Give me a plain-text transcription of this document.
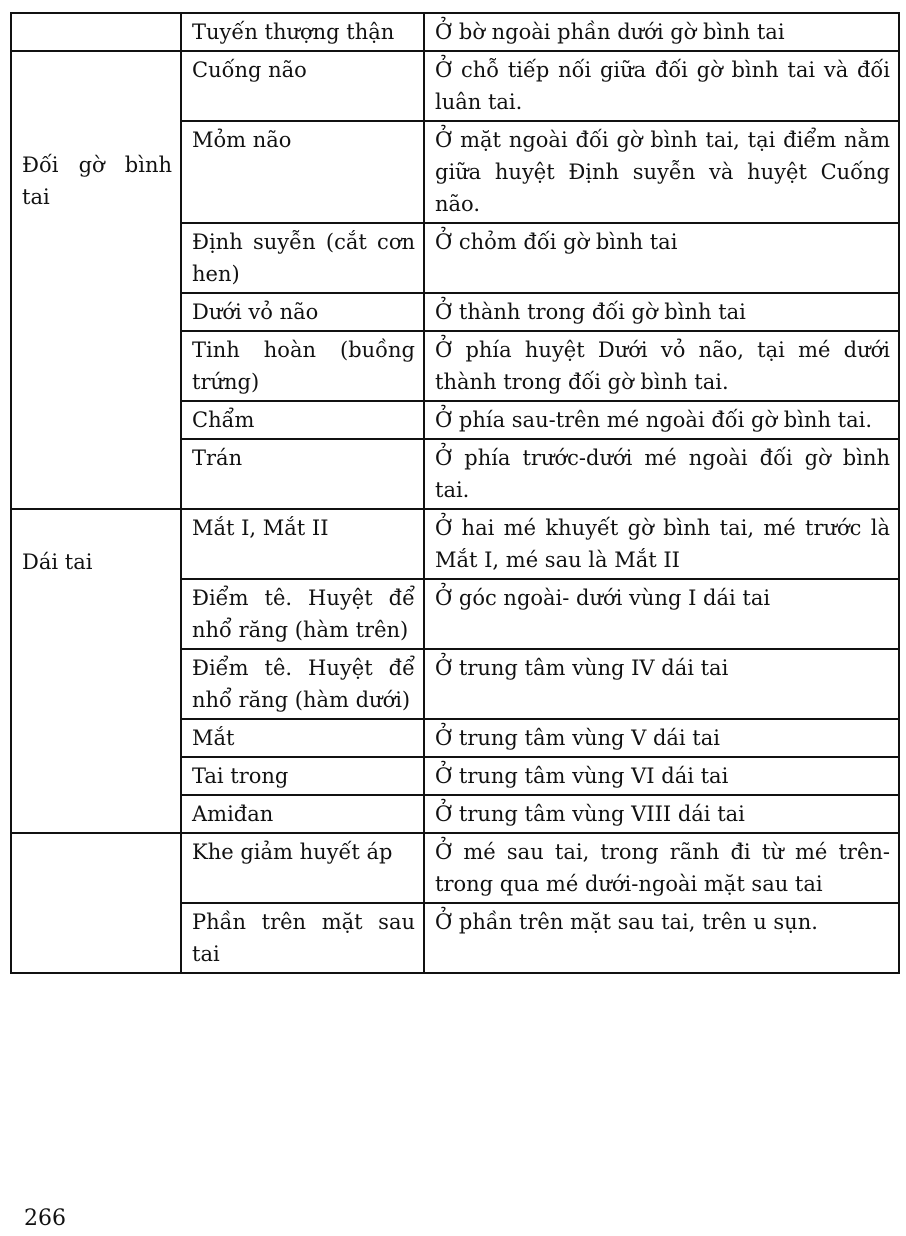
	Tuyến thượng thận	Ở bờ ngoài phần dưới gờ bình tai
Đối gờ bình tai	Cuống não	Ở chỗ tiếp nối giữa đối gờ bình tai và đối luân tai.
	Mỏm não	Ở mặt ngoài đối gờ bình tai, tại điểm nằm giữa huyệt Định suyễn và huyệt Cuống não.
	Định suyễn (cắt cơn hen)	Ở chỏm đối gờ bình tai
	Dưới vỏ não	Ở thành trong đối gờ bình tai
	Tinh hoàn (buồng trứng)	Ở phía huyệt Dưới vỏ não, tại mé dưới thành trong đối gờ bình tai.
	Chẩm	Ở phía sau-trên mé ngoài đối gờ bình tai.
	Trán	Ở phía trước-dưới mé ngoài đối gờ bình tai.
Dái tai	Mắt I, Mắt II	Ở hai mé khuyết gờ bình tai, mé trước là Mắt I, mé sau là Mắt II
	Điểm tê. Huyệt để nhổ răng (hàm trên)	Ở góc ngoài- dưới vùng I dái tai
	Điểm tê. Huyệt để nhổ răng (hàm dưới)	Ở trung tâm vùng IV dái tai
	Mắt	Ở trung tâm vùng V dái tai
	Tai trong	Ở trung tâm vùng VI dái tai
	Amiđan	Ở trung tâm vùng VIII dái tai
	Khe giảm huyết áp	Ở mé sau tai, trong rãnh đi từ mé trên-trong qua mé dưới-ngoài mặt sau tai
	Phần trên mặt sau tai	Ở phần trên mặt sau tai, trên u sụn.
266
